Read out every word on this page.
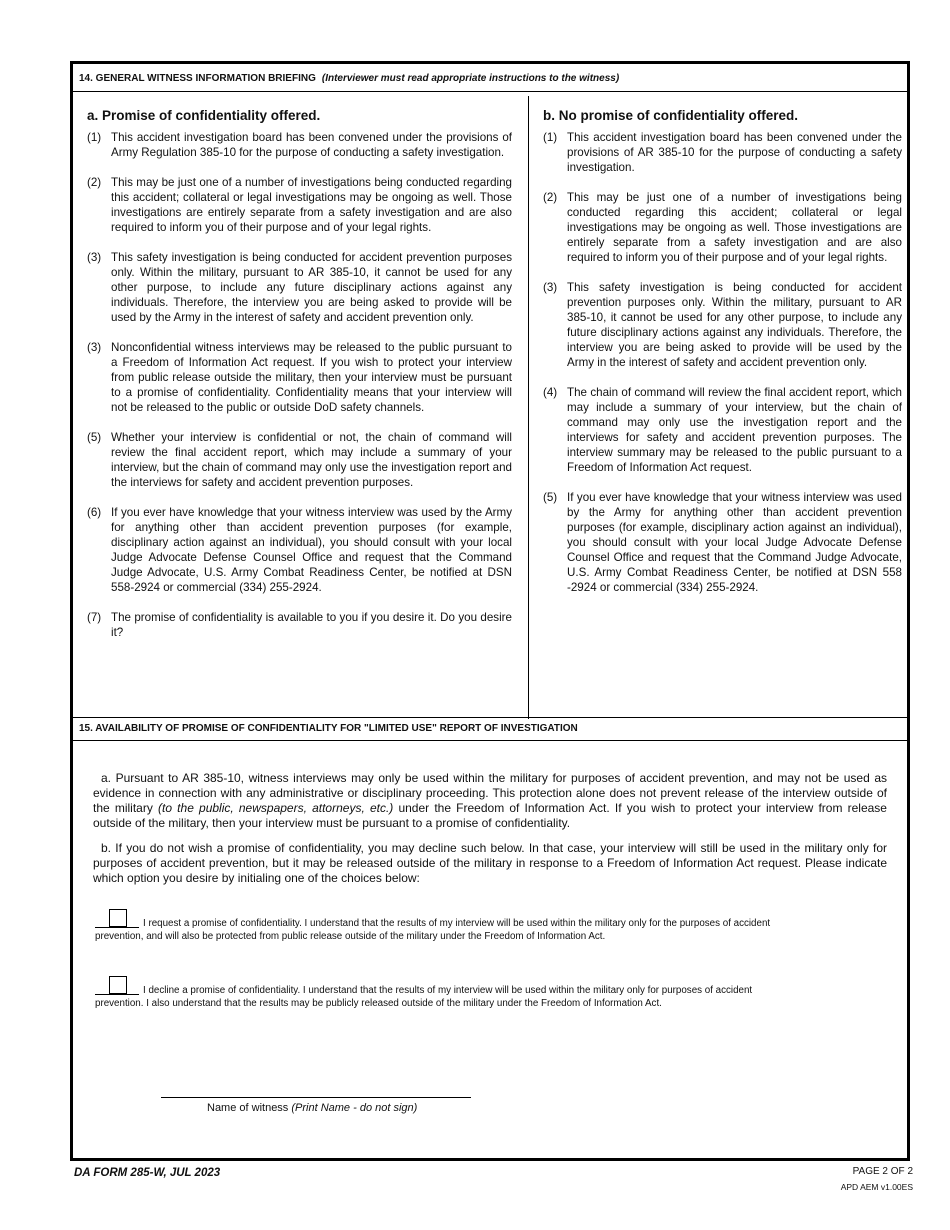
14. GENERAL WITNESS INFORMATION BRIEFING (Interviewer must read appropriate instructions to the witness)
a. Promise of confidentiality offered.
(1) This accident investigation board has been convened under the provisions of Army Regulation 385-10 for the purpose of conducting a safety investigation.
(2) This may be just one of a number of investigations being conducted regarding this accident; collateral or legal investigations may be ongoing as well. Those investigations are entirely separate from a safety investigation and are also required to inform you of their purpose and of your legal rights.
(3) This safety investigation is being conducted for accident prevention purposes only. Within the military, pursuant to AR 385-10, it cannot be used for any other purpose, to include any future disciplinary actions against any individuals. Therefore, the interview you are being asked to provide will be used by the Army in the interest of safety and accident prevention only.
(3) Nonconfidential witness interviews may be released to the public pursuant to a Freedom of Information Act request. If you wish to protect your interview from public release outside the military, then your interview must be pursuant to a promise of confidentiality. Confidentiality means that your interview will not be released to the public or outside DoD safety channels.
(5) Whether your interview is confidential or not, the chain of command will review the final accident report, which may include a summary of your interview, but the chain of command may only use the investigation report and the interviews for safety and accident prevention purposes.
(6) If you ever have knowledge that your witness interview was used by the Army for anything other than accident prevention purposes (for example, disciplinary action against an individual), you should consult with your local Judge Advocate Defense Counsel Office and request that the Command Judge Advocate, U.S. Army Combat Readiness Center, be notified at DSN 558-2924 or commercial (334) 255-2924.
(7) The promise of confidentiality is available to you if you desire it. Do you desire it?
b. No promise of confidentiality offered.
(1) This accident investigation board has been convened under the provisions of AR 385-10 for the purpose of conducting a safety investigation.
(2) This may be just one of a number of investigations being conducted regarding this accident; collateral or legal investigations may be ongoing as well. Those investigations are entirely separate from a safety investigation and are also required to inform you of their purpose and of your legal rights.
(3) This safety investigation is being conducted for accident prevention purposes only. Within the military, pursuant to AR 385-10, it cannot be used for any other purpose, to include any future disciplinary actions against any individuals. Therefore, the interview you are being asked to provide will be used by the Army in the interest of safety and accident prevention only.
(4) The chain of command will review the final accident report, which may include a summary of your interview, but the chain of command may only use the investigation report and the interviews for safety and accident prevention purposes. The interview summary may be released to the public pursuant to a Freedom of Information Act request.
(5) If you ever have knowledge that your witness interview was used by the Army for anything other than accident prevention purposes (for example, disciplinary action against an individual), you should consult with your local Judge Advocate Defense Counsel Office and request that the Command Judge Advocate, U.S. Army Combat Readiness Center, be notified at DSN 558 -2924 or commercial (334) 255-2924.
15. AVAILABILITY OF PROMISE OF CONFIDENTIALITY FOR "LIMITED USE" REPORT OF INVESTIGATION
a. Pursuant to AR 385-10, witness interviews may only be used within the military for purposes of accident prevention, and may not be used as evidence in connection with any administrative or disciplinary proceeding. This protection alone does not prevent release of the interview outside of the military (to the public, newspapers, attorneys, etc.) under the Freedom of Information Act. If you wish to protect your interview from release outside of the military, then your interview must be pursuant to a promise of confidentiality.
b. If you do not wish a promise of confidentiality, you may decline such below. In that case, your interview will still be used in the military only for purposes of accident prevention, but it may be released outside of the military in response to a Freedom of Information Act request. Please indicate which option you desire by initialing one of the choices below:
I request a promise of confidentiality. I understand that the results of my interview will be used within the military only for the purposes of accident prevention, and will also be protected from public release outside of the military under the Freedom of Information Act.
I decline a promise of confidentiality. I understand that the results of my interview will be used within the military only for purposes of accident prevention. I also understand that the results may be publicly released outside of the military under the Freedom of Information Act.
Name of witness (Print Name - do not sign)
DA FORM 285-W, JUL 2023	PAGE 2 OF 2
APD AEM v1.00ES
